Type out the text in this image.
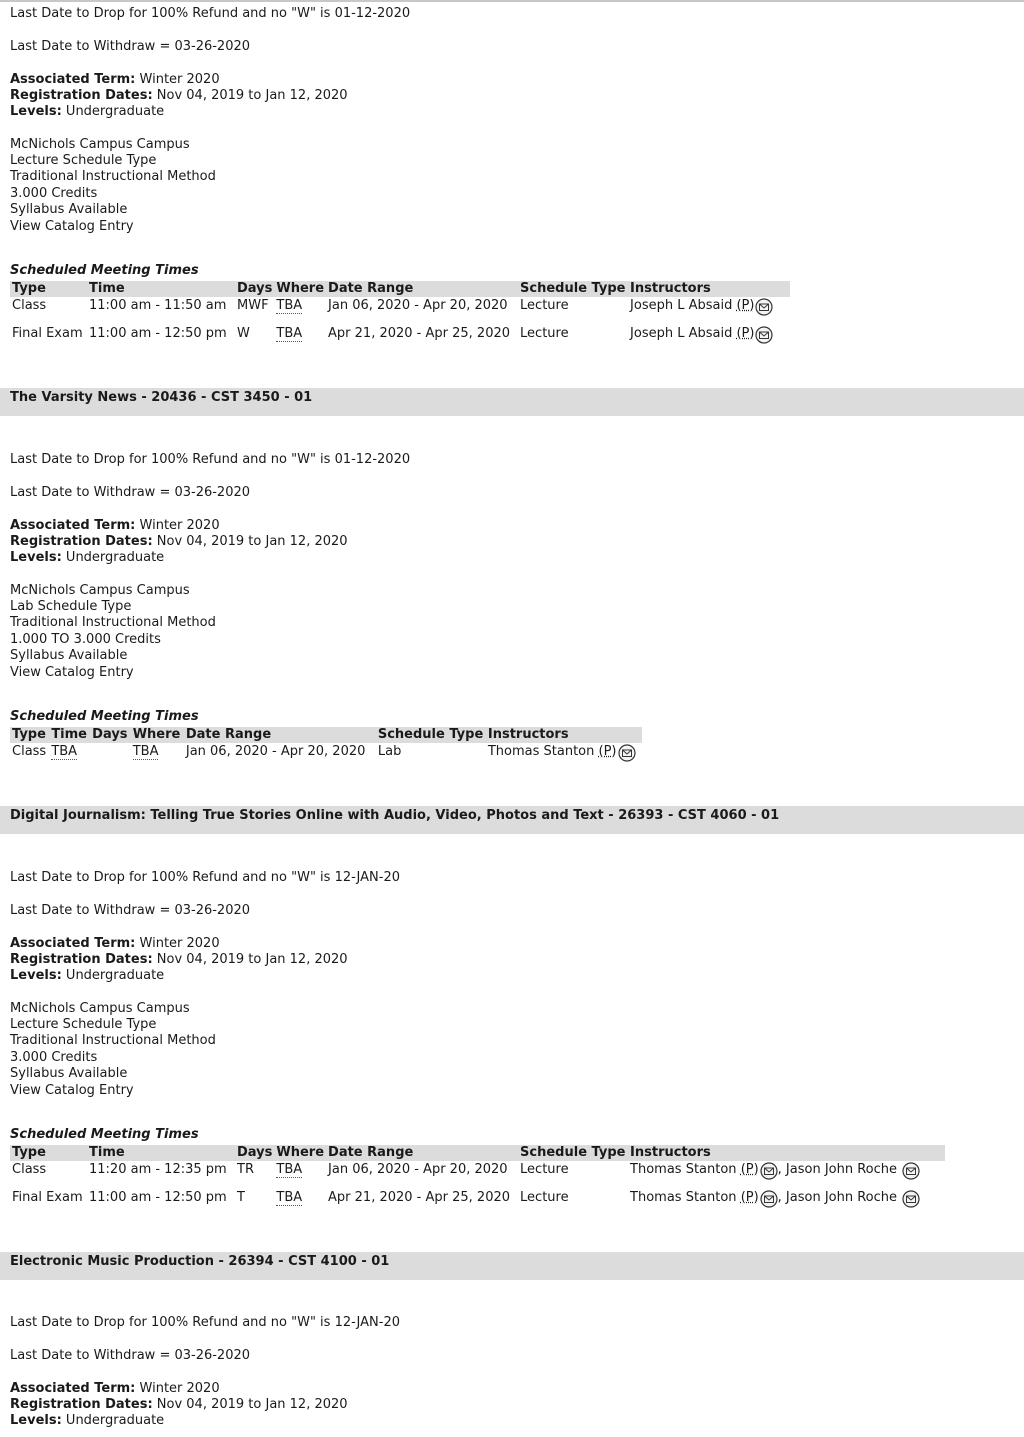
Last Date to Drop for 100% Refund and no "W" is 01-12-2020
Last Date to Withdraw = 03-26-2020
Associated Term: Winter 2020
Registration Dates: Nov 04, 2019 to Jan 12, 2020
Levels: Undergraduate
McNichols Campus Campus
Lecture Schedule Type
Traditional Instructional Method
3.000 Credits
Syllabus Available
View Catalog Entry
Scheduled Meeting Times
Type	Time	Days	Where	Date Range	Schedule Type	Instructors
Class	11:00 am - 11:50 am	MWF	TBA	Jan 06, 2020 - Apr 20, 2020	Lecture	Joseph L Absaid (P)
Final Exam	11:00 am - 12:50 pm	W	TBA	Apr 21, 2020 - Apr 25, 2020	Lecture	Joseph L Absaid (P)
The Varsity News - 20436 - CST 3450 - 01
Last Date to Drop for 100% Refund and no "W" is 01-12-2020
Last Date to Withdraw = 03-26-2020
Associated Term: Winter 2020
Registration Dates: Nov 04, 2019 to Jan 12, 2020
Levels: Undergraduate
McNichols Campus Campus
Lab Schedule Type
Traditional Instructional Method
1.000 TO 3.000 Credits
Syllabus Available
View Catalog Entry
Scheduled Meeting Times
Type	Time	Days	Where	Date Range	Schedule Type	Instructors
Class	TBA		TBA	Jan 06, 2020 - Apr 20, 2020	Lab	Thomas Stanton (P)
Digital Journalism: Telling True Stories Online with Audio, Video, Photos and Text - 26393 - CST 4060 - 01
Last Date to Drop for 100% Refund and no "W" is 12-JAN-20
Last Date to Withdraw = 03-26-2020
Associated Term: Winter 2020
Registration Dates: Nov 04, 2019 to Jan 12, 2020
Levels: Undergraduate
McNichols Campus Campus
Lecture Schedule Type
Traditional Instructional Method
3.000 Credits
Syllabus Available
View Catalog Entry
Scheduled Meeting Times
Type	Time	Days	Where	Date Range	Schedule Type	Instructors
Class	11:20 am - 12:35 pm	TR	TBA	Jan 06, 2020 - Apr 20, 2020	Lecture	Thomas Stanton (P) , Jason John Roche
Final Exam	11:00 am - 12:50 pm	T	TBA	Apr 21, 2020 - Apr 25, 2020	Lecture	Thomas Stanton (P) , Jason John Roche
Electronic Music Production - 26394 - CST 4100 - 01
Last Date to Drop for 100% Refund and no "W" is 12-JAN-20
Last Date to Withdraw = 03-26-2020
Associated Term: Winter 2020
Registration Dates: Nov 04, 2019 to Jan 12, 2020
Levels: Undergraduate
